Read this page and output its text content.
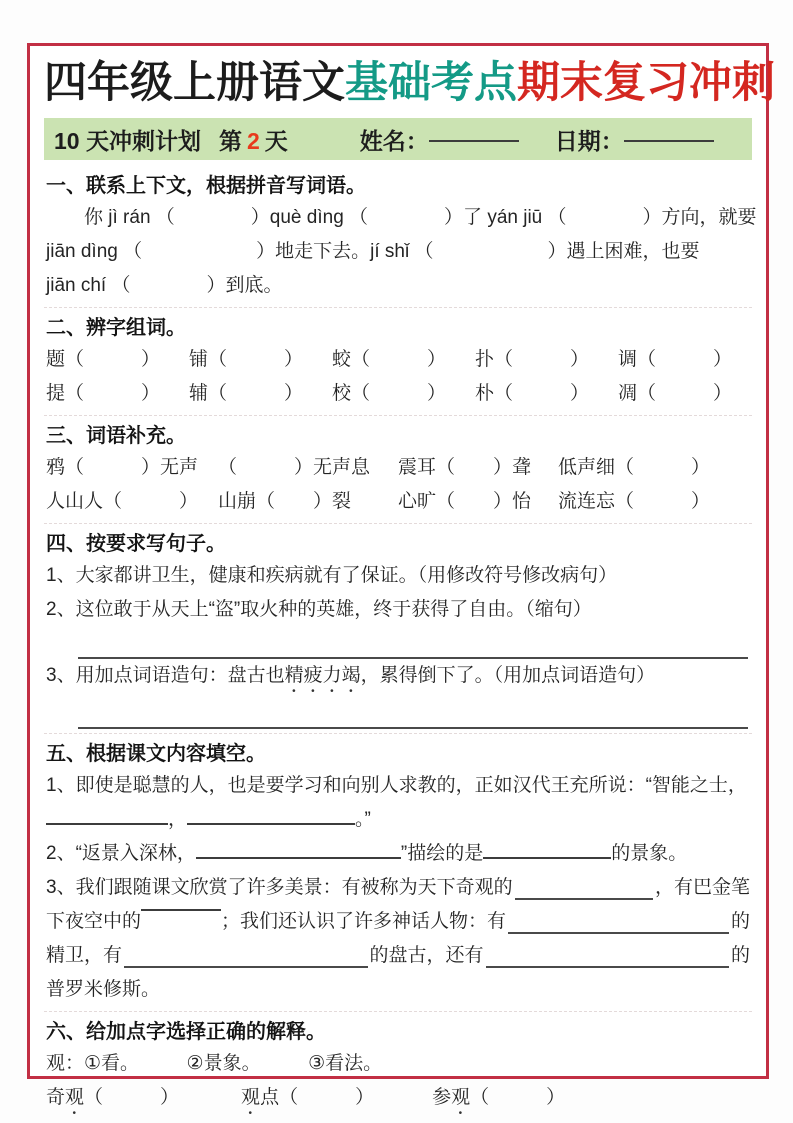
四年级上册语文基础考点期末复习冲刺
10 天冲刺计划 第 2 天	姓名：	日期：
一、联系上下文，根据拼音写词语。
你 jì rán （　　　　）què dìng （　　　　）了 yán jiū （　　　　）方向，就要
jiān dìng （　　　　　　）地走下去。jí shǐ （　　　　　　）遇上困难，也要
jiān chí （　　　　）到底。
二、辨字组词。
题（　　　）	铺（　　　）	蛟（　　　）	扑（　　　）	调（　　　）
提（　　　）	辅（　　　）	校（　　　）	朴（　　　）	凋（　　　）
三、词语补充。
鸦（　　　）无声	（　　　）无声息	震耳（　　）聋	低声细（　　　）
人山人（　　　）	山崩（　　）裂	心旷（　　）怡	流连忘（　　　）
四、按要求写句子。
1、大家都讲卫生，健康和疾病就有了保证。（用修改符号修改病句）
2、这位敢于从天上“盗”取火种的英雄，终于获得了自由。（缩句）
3、用加点词语造句：盘古也精疲力竭，累得倒下了。（用加点词语造句）
五、根据课文内容填空。
1、即使是聪慧的人，也是要学习和向别人求教的，正如汉代王充所说：“智能之士，
，	。”
2、“返景入深林，	”描绘的是	的景象。
3、我们跟随课文欣赏了许多美景：有被称为天下奇观的	，有巴金笔
下夜空中的	；我们还认识了许多神话人物：有	的
精卫，有	的盘古，还有	的
普罗米修斯。
六、给加点字选择正确的解释。
观：①看。　　　②景象。　　　③看法。
奇观（　　　）	观点（　　　）	参观（　　　）
